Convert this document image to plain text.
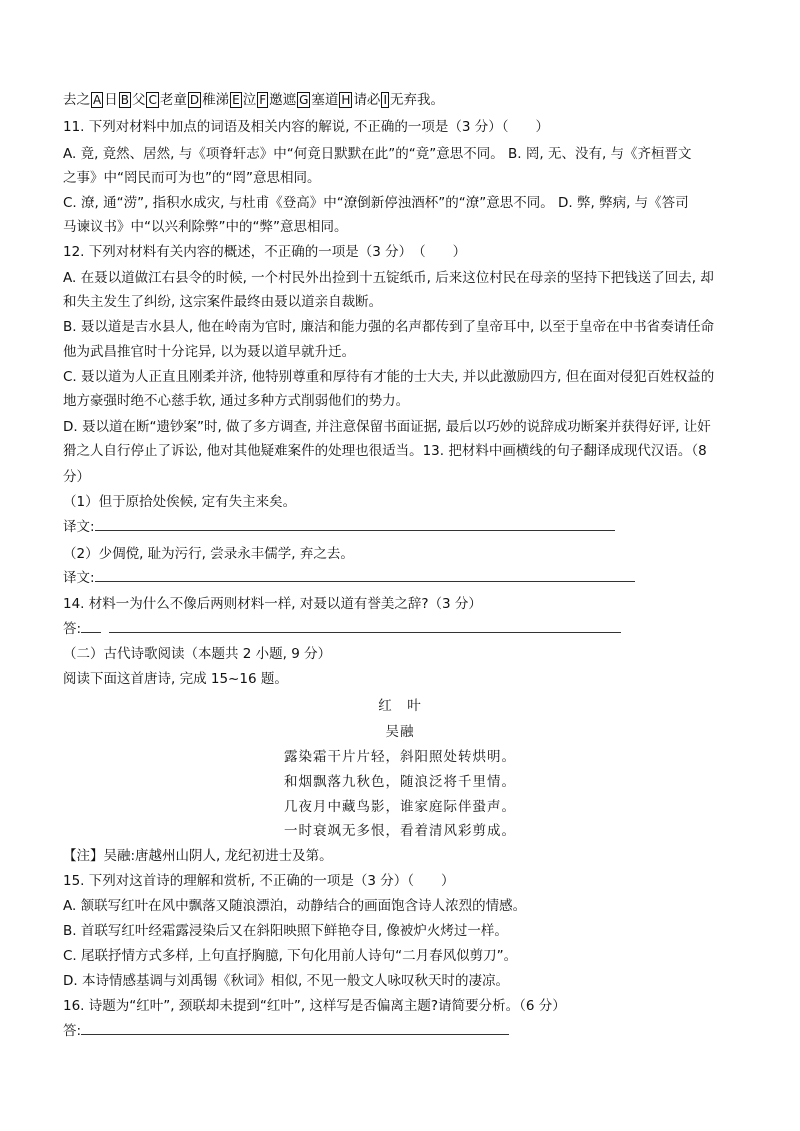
去之 A 日 B 父 C 老童 D 稚涕 E 泣 F 邀遮 G 塞道 H 请必 I 无弃我。
11. 下列对材料中加点的词语及相关内容的解说, 不正确的一项是（3 分）（　　）
A. 竟, 竟然、居然, 与《项脊轩志》中“何竟日默默在此”的“竟”意思不同。 B. 罔, 无、没有, 与《齐桓晋文
之事》中“罔民而可为也”的“罔”意思相同。
C. 潦, 通“涝”, 指积水成灾, 与杜甫《登高》中“潦倒新停浊酒杯”的“潦”意思不同。 D. 弊, 弊病, 与《答司
马谏议书》中“以兴利除弊”中的“弊”意思相同。
12. 下列对材料有关内容的概述，不正确的一项是（3 分）　（　　）
A. 在聂以道做江右县令的时候, 一个村民外出捡到十五锭纸币, 后来这位村民在母亲的坚持下把钱送了回去, 却
和失主发生了纠纷, 这宗案件最终由聂以道亲自裁断。
B. 聂以道是吉水县人, 他在岭南为官时, 廉洁和能力强的名声都传到了皇帝耳中, 以至于皇帝在中书省奏请任命
他为武昌推官时十分诧异, 以为聂以道早就升迁。
C. 聂以道为人正直且刚柔并济, 他特别尊重和厚待有才能的士大夫, 并以此激励四方, 但在面对侵犯百姓权益的
地方豪强时绝不心慈手软, 通过多种方式削弱他们的势力。
D. 聂以道在断“遗钞案”时, 做了多方调查, 并注意保留书面证据, 最后以巧妙的说辞成功断案并获得好评, 让奸
猾之人自行停止了诉讼, 他对其他疑难案件的处理也很适当。13. 把材料中画横线的句子翻译成现代汉语。（8
分）
（1）但于原拾处俟候, 定有失主来矣。
译文:
（2）少倜傥, 耻为污行, 尝录永丰儒学, 弃之去。
译文:
14. 材料一为什么不像后两则材料一样, 对聂以道有誉美之辞?（3 分）
答:
（二）古代诗歌阅读（本题共 2 小题, 9 分）
阅读下面这首唐诗, 完成 15~16 题。
红　叶
吴融
露染霜干片片轻，斜阳照处转烘明。
和烟飘落九秋色，随浪泛将千里情。
几夜月中藏鸟影，谁家庭际伴蛩声。
一时衰飒无多恨，看着清风彩剪成。
【注】吴融:唐越州山阴人, 龙纪初进士及第。
15. 下列对这首诗的理解和赏析, 不正确的一项是（3 分）（　　）
A. 颔联写红叶在风中飘落又随浪漂泊，动静结合的画面饱含诗人浓烈的情感。
B. 首联写红叶经霜露浸染后又在斜阳映照下鲜艳夺目, 像被炉火烤过一样。
C. 尾联抒情方式多样, 上句直抒胸臆, 下句化用前人诗句“二月春风似剪刀”。
D. 本诗情感基调与刘禹锡《秋词》相似, 不见一般文人咏叹秋天时的凄凉。
16. 诗题为“红叶”, 颈联却未提到“红叶”, 这样写是否偏离主题?请简要分析。（6 分）
答:
